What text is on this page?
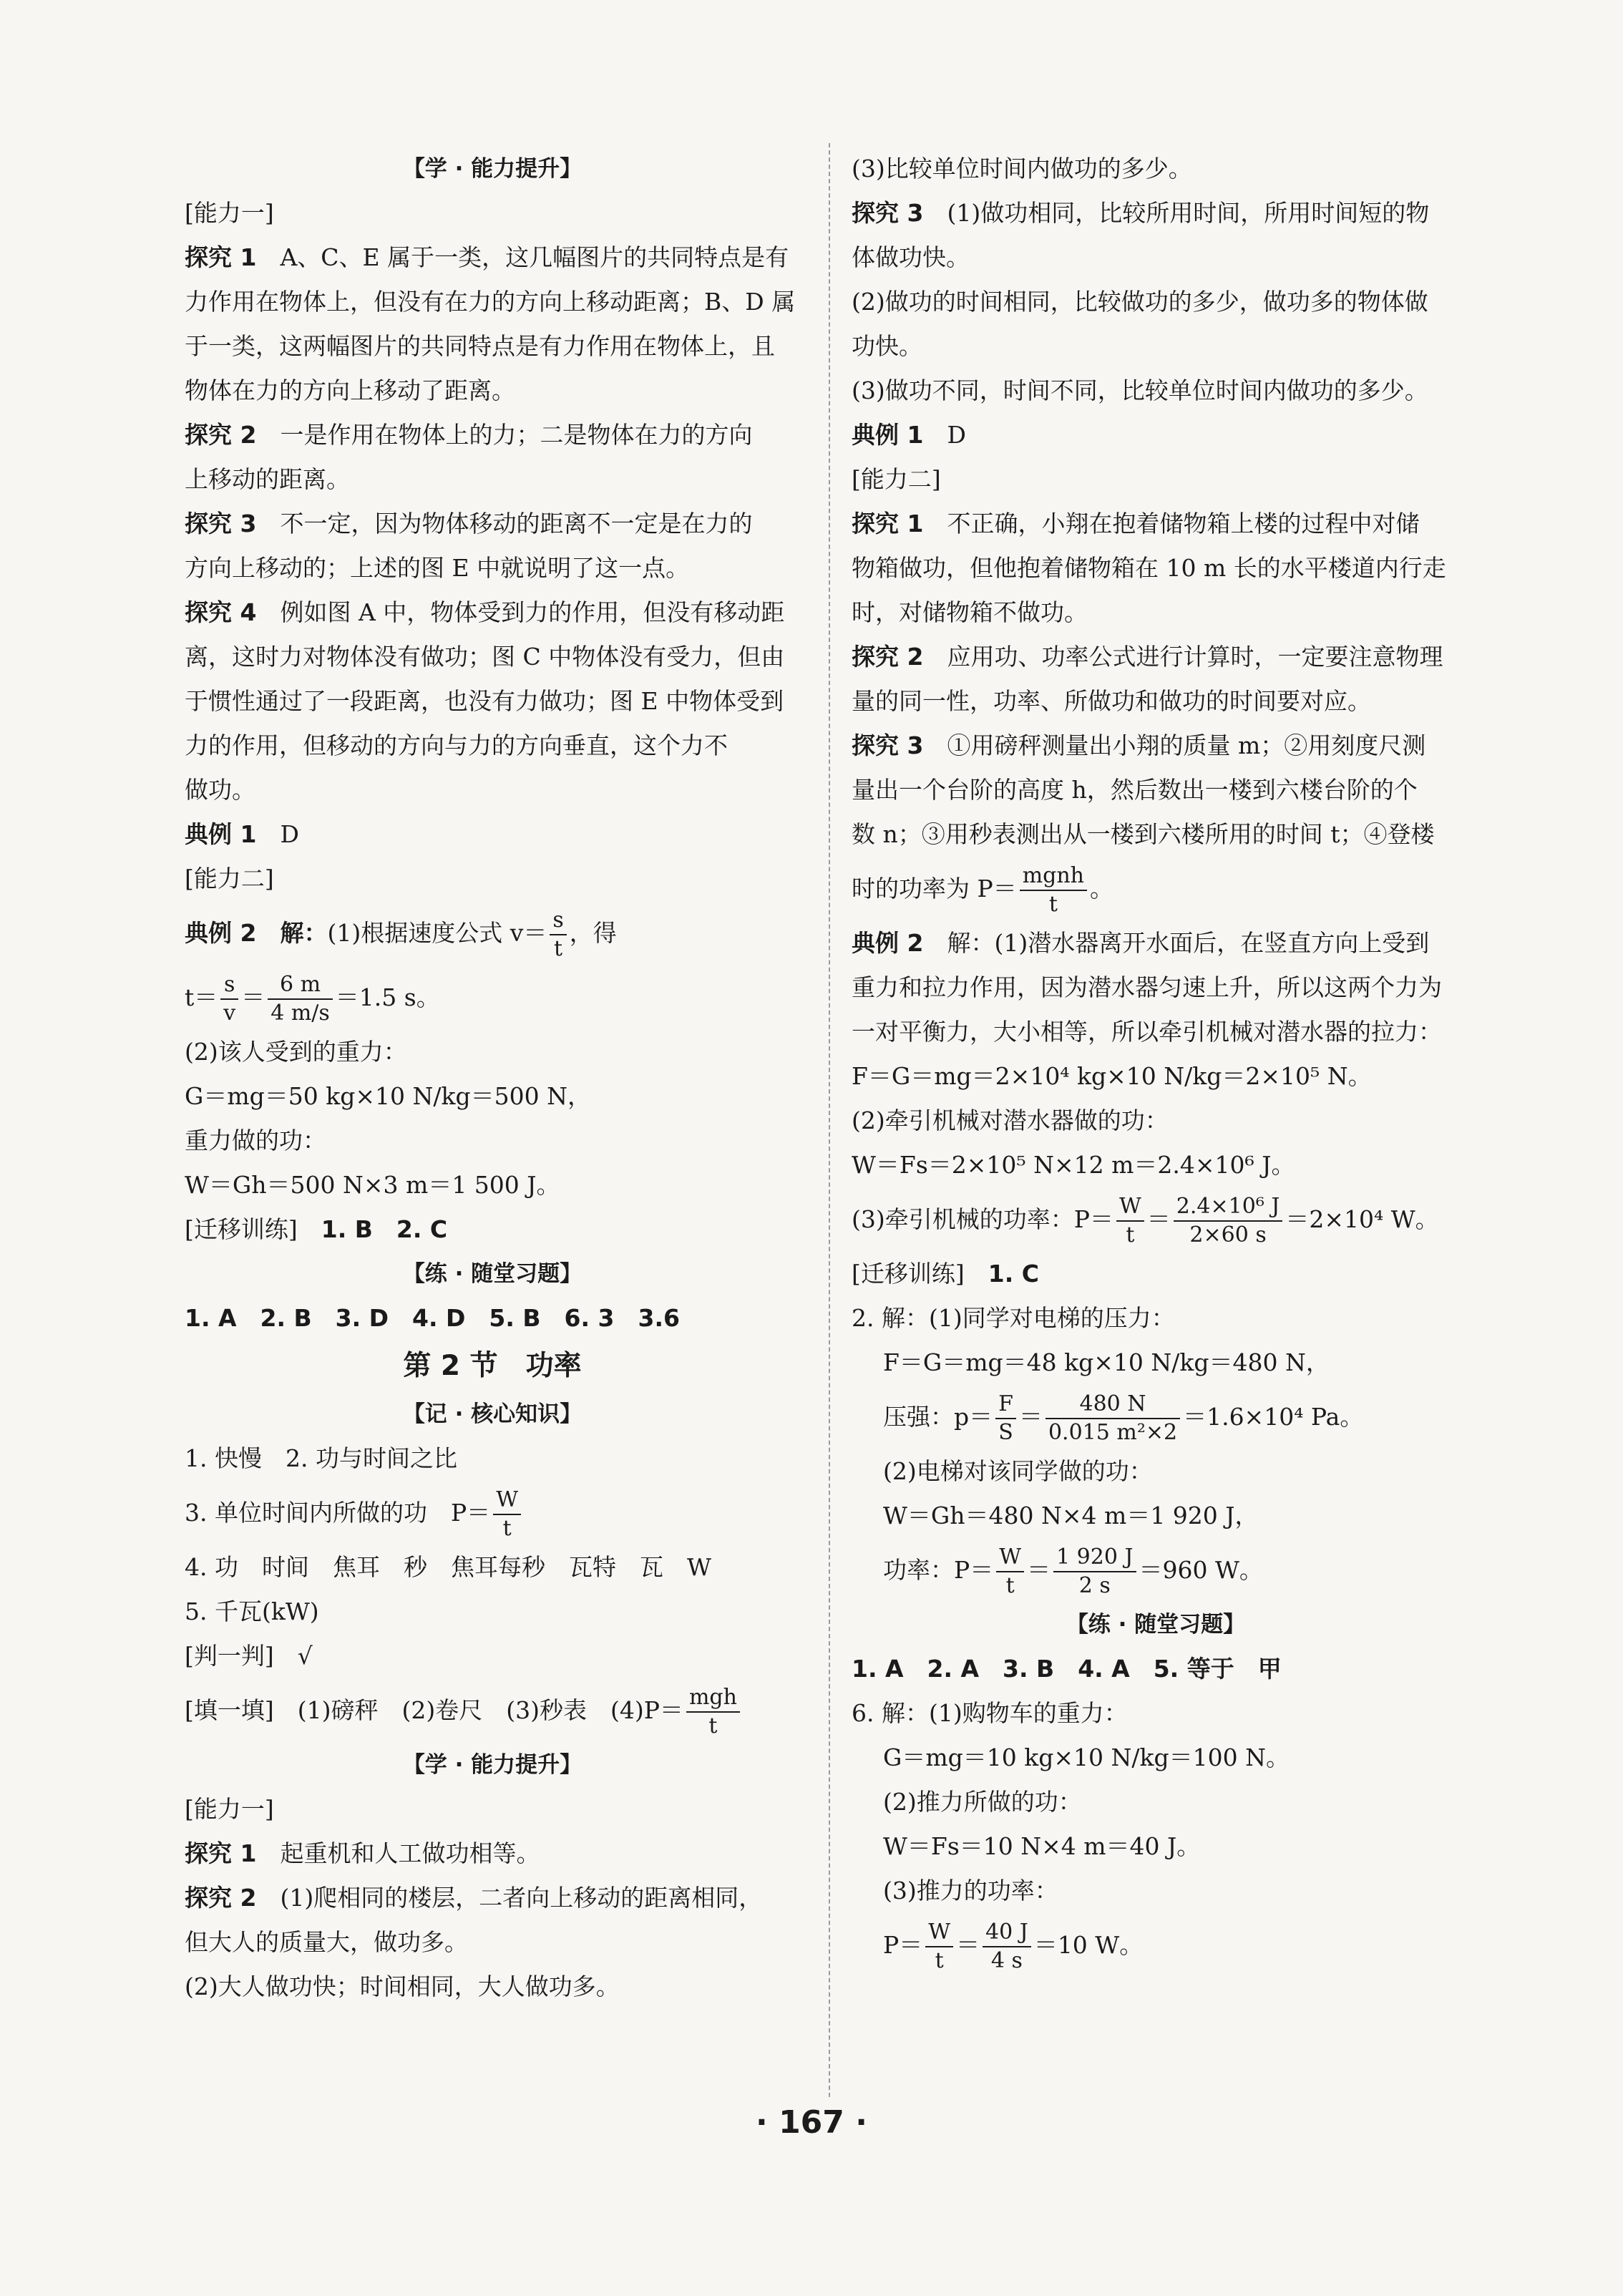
【学 · 能力提升】
[能力一]
探究 1　 A、C、E 属于一类，这几幅图片的共同特点是有
力作用在物体上，但没有在力的方向上移动距离；B、D 属
于一类，这两幅图片的共同特点是有力作用在物体上，且
物体在力的方向上移动了距离。
探究 2　 一是作用在物体上的力；二是物体在力的方向
上移动的距离。
探究 3　 不一定，因为物体移动的距离不一定是在力的
方向上移动的；上述的图 E 中就说明了这一点。
探究 4　 例如图 A 中，物体受到力的作用，但没有移动距
离，这时力对物体没有做功；图 C 中物体没有受力，但由
于惯性通过了一段距离，也没有力做功；图 E 中物体受到
力的作用，但移动的方向与力的方向垂直，这个力不
做功。
典例 1　 D
[能力二]
典例 2　 解：(1)根据速度公式 $v= \frac{s}{t}$ ，得
$t= \frac{s}{v} = \frac{6 m}{4 m/s} =1.5$ s。
(2)该人受到的重力：
G＝mg＝50 kg×10 N/kg＝500 N，
重力做的功：
W＝Gh＝500 N×3 m＝1 500 J。
[迁移训练]　 1. B　2. C
【练 · 随堂习题】
1. A　2. B　3. D　4. D　5. B　6. 3　3.6
第 2 节　功率
【记 · 核心知识】
1. 快慢　2. 功与时间之比
3. 单位时间内所做的功　$P= \frac{W}{t}$
4. 功　时间　焦耳　秒　焦耳每秒　瓦特　瓦　W
5. 千瓦(kW)
[判一判]　 √
[填一填]　 (1)磅秤　(2)卷尺　(3)秒表　$(4)P= \frac{\text{mgh}}{t}$
【学 · 能力提升】
[能力一]
探究 1　 起重机和人工做功相等。
探究 2　 (1)爬相同的楼层，二者向上移动的距离相同，
但大人的质量大，做功多。
(2)大人做功快；时间相同，大人做功多。
(3)比较单位时间内做功的多少。
探究 3　 (1)做功相同，比较所用时间，所用时间短的物
体做功快。
(2)做功的时间相同，比较做功的多少，做功多的物体做
功快。
(3)做功不同，时间不同，比较单位时间内做功的多少。
典例 1　 D
[能力二]
探究 1　 不正确，小翔在抱着储物箱上楼的过程中对储
物箱做功，但他抱着储物箱在 10 m 长的水平楼道内行走
时，对储物箱不做功。
探究 2　 应用功、功率公式进行计算时，一定要注意物理
量的同一性，功率、所做功和做功的时间要对应。
探究 3　 ①用磅秤测量出小翔的质量 m；②用刻度尺测
量出一个台阶的高度 h，然后数出一楼到六楼台阶的个
数 n；③用秒表测出从一楼到六楼所用的时间 t；④登楼
时的功率为 $P= \frac{\text{mgnh}}{t}$ 。
典例 2　 解：(1)潜水器离开水面后，在竖直方向上受到
重力和拉力作用，因为潜水器匀速上升，所以这两个力为
一对平衡力，大小相等，所以牵引机械对潜水器的拉力：
F＝G＝mg＝2×10⁴ kg×10 N/kg＝2×10⁵ N。
(2)牵引机械对潜水器做的功：
W＝Fs＝2×10⁵ N×12 m＝2.4×10⁶ J。
(3)牵引机械的功率：$P= \frac{W}{t} = \frac{\text{2.4×10⁶ J}}{2\times 60 s} =2\times 10^4$ W。
[迁移训练]　 1. C
2. 解：(1)同学对电梯的压力：
F＝G＝mg＝48 kg×10 N/kg＝480 N，
压强：$p= \frac{F}{S} = \frac{480 N}{\text{0.015 m²×2}} =1.6\times 10^4$ Pa。
(2)电梯对该同学做的功：
W＝Gh＝480 N×4 m＝1 920 J，
功率：$P= \frac{W}{t} = \frac{1 920 J}{2 s} =960$ W。
【练 · 随堂习题】
1. A　2. A　3. B　4. A　5. 等于　甲
6. 解：(1)购物车的重力：
G＝mg＝10 kg×10 N/kg＝100 N。
(2)推力所做的功：
W＝Fs＝10 N×4 m＝40 J。
(3)推力的功率：
$P= \frac{W}{t} = \frac{40 J}{4 s} =10$ W。
· 167 ·
